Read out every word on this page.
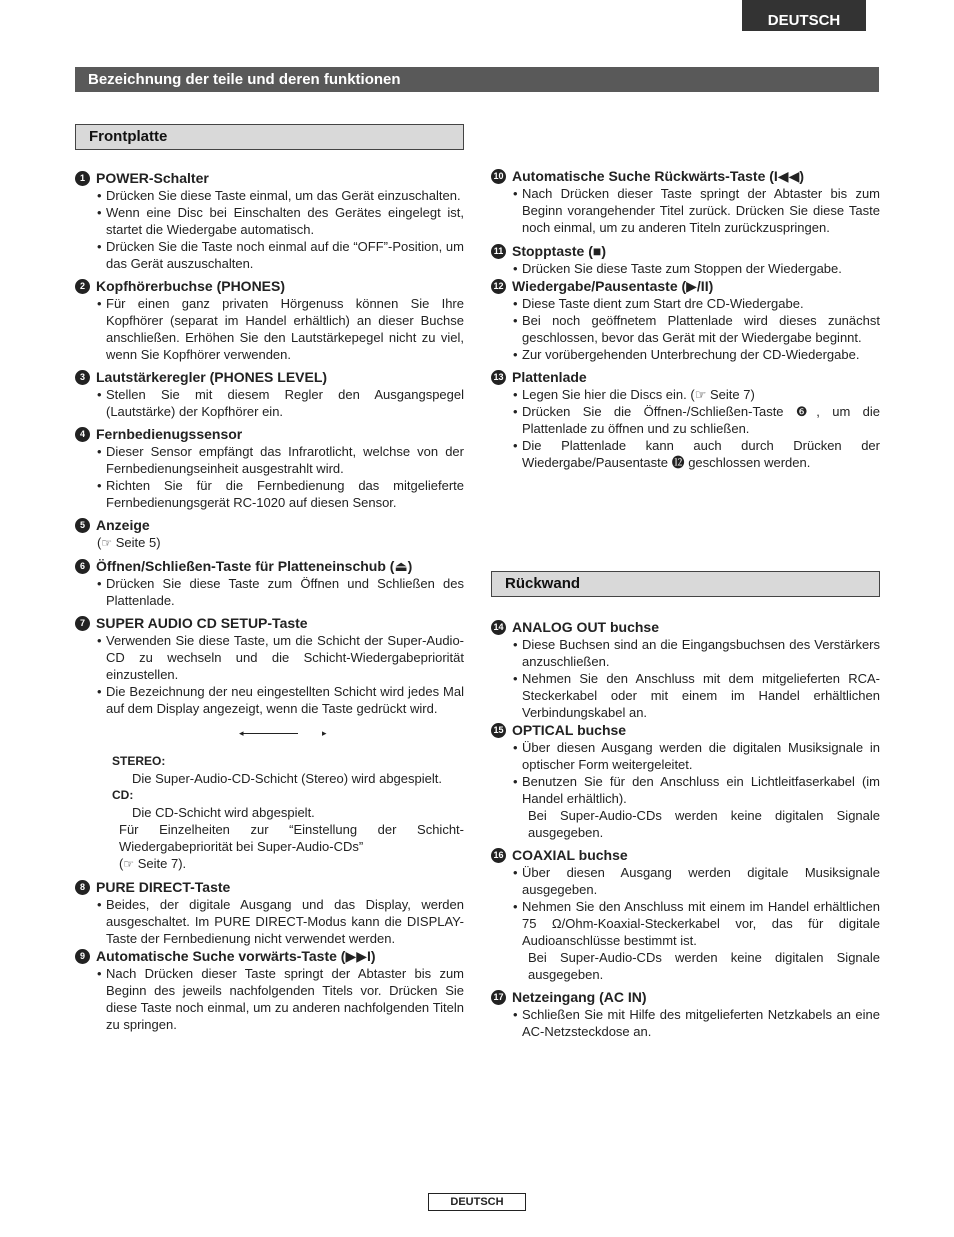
DEUTSCH
Bezeichnung der teile und deren funktionen
Frontplatte
Rückwand
1 POWER-Schalter
• Drücken Sie diese Taste einmal, um das Gerät einzuschalten.
• Wenn eine Disc bei Einschalten des Gerätes eingelegt ist, startet die Wiedergabe automatisch.
• Drücken Sie die Taste noch einmal auf die “OFF”-Position, um das Gerät auszuschalten.
2 Kopfhörerbuchse (PHONES)
• Für einen ganz privaten Hörgenuss können Sie Ihre Kopfhörer (separat im Handel erhältlich) an dieser Buchse anschließen. Erhöhen Sie den Lautstärkepegel nicht zu viel, wenn Sie Kopfhörer verwenden.
3 Lautstärkeregler (PHONES LEVEL)
• Stellen Sie mit diesem Regler den Ausgangspegel (Lautstärke) der Kopfhörer ein.
4 Fernbedienugssensor
• Dieser Sensor empfängt das Infrarotlicht, welchse von der Fernbedienungseinheit ausgestrahlt wird.
• Richten Sie für die Fernbedienung das mitgelieferte Fernbedienungsgerät RC-1020 auf diesen Sensor.
5 Anzeige
(☞ Seite 5)
6 Öffnen/Schließen-Taste für Platteneinschub (⏏)
• Drücken Sie diese Taste zum Öffnen und Schließen des Plattenlade.
7 SUPER AUDIO CD SETUP-Taste
• Verwenden Sie diese Taste, um die Schicht der Super-Audio-CD zu wechseln und die Schicht-Wiedergabepriorität einzustellen.
• Die Bezeichnung der neu eingestellten Schicht wird jedes Mal auf dem Display angezeigt, wenn die Taste gedrückt wird.
◂ ▸
STEREO:
Die Super-Audio-CD-Schicht (Stereo) wird abgespielt.
CD:
Die CD-Schicht wird abgespielt.
Für Einzelheiten zur “Einstellung der Schicht-Wiedergabepriorität bei Super-Audio-CDs”
(☞ Seite 7).
8 PURE DIRECT-Taste
• Beides, der digitale Ausgang und das Display, werden ausgeschaltet. Im PURE DIRECT-Modus kann die DISPLAY-Taste der Fernbedienung nicht verwendet werden.
9 Automatische Suche vorwärts-Taste (▶▶I)
• Nach Drücken dieser Taste springt der Abtaster bis zum Beginn des jeweils nachfolgenden Titels vor. Drücken Sie diese Taste noch einmal, um zu anderen nachfolgenden Titeln zu springen.
10 Automatische Suche Rückwärts-Taste (I◀◀)
• Nach Drücken dieser Taste springt der Abtaster bis zum Beginn vorangehender Titel zurück. Drücken Sie diese Taste noch einmal, um zu anderen Titeln zurückzuspringen.
11 Stopptaste (■)
• Drücken Sie diese Taste zum Stoppen der Wiedergabe.
12 Wiedergabe/Pausentaste (▶/II)
• Diese Taste dient zum Start dre CD-Wiedergabe.
• Bei noch geöffnetem Plattenlade wird dieses zunächst geschlossen, bevor das Gerät mit der Wiedergabe beginnt.
• Zur vorübergehenden Unterbrechung der CD-Wiedergabe.
13 Plattenlade
• Legen Sie hier die Discs ein. (☞ Seite 7)
• Drücken Sie die Öffnen-/Schließen-Taste ❻, um die Plattenlade zu öffnen und zu schließen.
• Die Plattenlade kann auch durch Drücken der Wiedergabe/Pausentaste ⓬ geschlossen werden.
14 ANALOG OUT buchse
• Diese Buchsen sind an die Eingangsbuchsen des Verstärkers anzuschließen.
• Nehmen Sie den Anschluss mit dem mitgelieferten RCA-Steckerkabel oder mit einem im Handel erhältlichen Verbindungskabel an.
15 OPTICAL buchse
• Über diesen Ausgang werden die digitalen Musiksignale in optischer Form weitergeleitet.
• Benutzen Sie für den Anschluss ein Lichtleitfaserkabel (im Handel erhältlich).
Bei Super-Audio-CDs werden keine digitalen Signale ausgegeben.
16 COAXIAL buchse
• Über diesen Ausgang werden digitale Musiksignale ausgegeben.
• Nehmen Sie den Anschluss mit einem im Handel erhältlichen 75 Ω/Ohm-Koaxial-Steckerkabel vor, das für digitale Audioanschlüsse bestimmt ist.
Bei Super-Audio-CDs werden keine digitalen Signale ausgegeben.
17 Netzeingang (AC IN)
• Schließen Sie mit Hilfe des mitgelieferten Netzkabels an eine AC-Netzsteckdose an.
DEUTSCH
